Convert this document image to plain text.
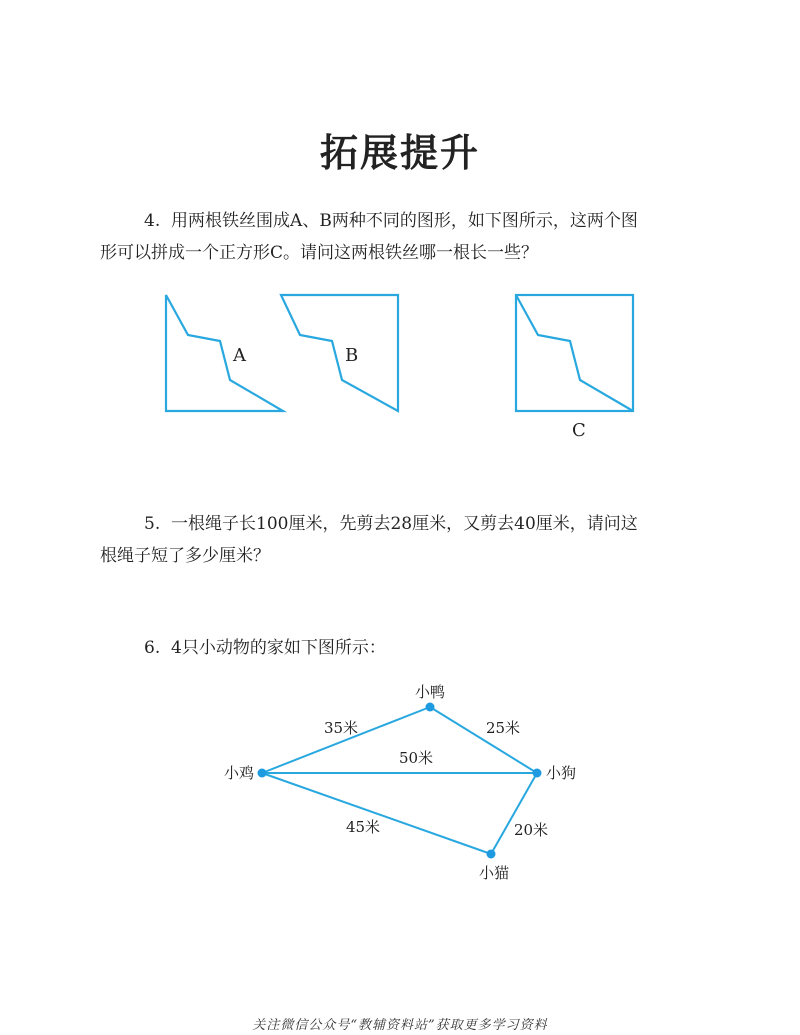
拓展提升
4. 用两根铁丝围成A、B两种不同的图形，如下图所示，这两个图
形可以拼成一个正方形C。请问这两根铁丝哪一根长一些？
A	B
C
5. 一根绳子长100厘米，先剪去28厘米，又剪去40厘米，请问这
根绳子短了多少厘米？
6. 4只小动物的家如下图所示：
小鸭
小鸡	小狗
小猫
35米	25米
50米
45米	20米
关注微信公众号“教辅资料站”获取更多学习资料
